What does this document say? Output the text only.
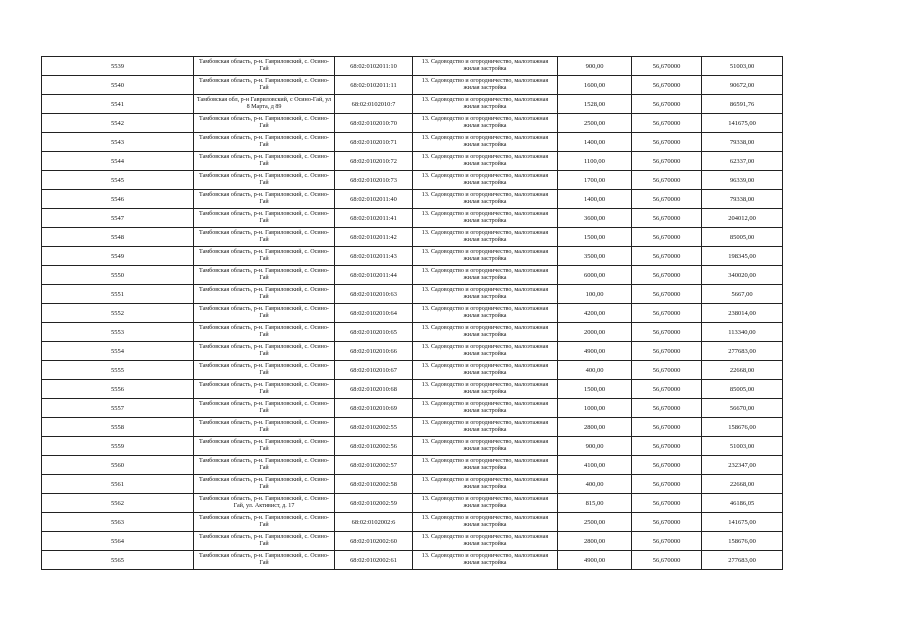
5539	Тамбовская область, р-н. Гавриловский, с. Осино-Гай	68:02:0102011:10	13. Садоводство и огородничество, малоэтажная жилая застройка	900,00	56,670000	51003,00
5540	Тамбовская область, р-н. Гавриловский, с. Осино-Гай	68:02:0102011:11	13. Садоводство и огородничество, малоэтажная жилая застройка	1600,00	56,670000	90672,00
5541	Тамбовская обл, р-н Гавриловский, с Осино-Гай, ул 8 Марта, д 89	68:02:0102010:7	13. Садоводство и огородничество, малоэтажная жилая застройка	1528,00	56,670000	86591,76
5542	Тамбовская область, р-н. Гавриловский, с. Осино-Гай	68:02:0102010:70	13. Садоводство и огородничество, малоэтажная жилая застройка	2500,00	56,670000	141675,00
5543	Тамбовская область, р-н. Гавриловский, с. Осино-Гай	68:02:0102010:71	13. Садоводство и огородничество, малоэтажная жилая застройка	1400,00	56,670000	79338,00
5544	Тамбовская область, р-н. Гавриловский, с. Осино-Гай	68:02:0102010:72	13. Садоводство и огородничество, малоэтажная жилая застройка	1100,00	56,670000	62337,00
5545	Тамбовская область, р-н. Гавриловский, с. Осино-Гай	68:02:0102010:73	13. Садоводство и огородничество, малоэтажная жилая застройка	1700,00	56,670000	96339,00
5546	Тамбовская область, р-н. Гавриловский, с. Осино-Гай	68:02:0102011:40	13. Садоводство и огородничество, малоэтажная жилая застройка	1400,00	56,670000	79338,00
5547	Тамбовская область, р-н. Гавриловский, с. Осино-Гай	68:02:0102011:41	13. Садоводство и огородничество, малоэтажная жилая застройка	3600,00	56,670000	204012,00
5548	Тамбовская область, р-н. Гавриловский, с. Осино-Гай	68:02:0102011:42	13. Садоводство и огородничество, малоэтажная жилая застройка	1500,00	56,670000	85005,00
5549	Тамбовская область, р-н. Гавриловский, с. Осино-Гай	68:02:0102011:43	13. Садоводство и огородничество, малоэтажная жилая застройка	3500,00	56,670000	198345,00
5550	Тамбовская область, р-н. Гавриловский, с. Осино-Гай	68:02:0102011:44	13. Садоводство и огородничество, малоэтажная жилая застройка	6000,00	56,670000	340020,00
5551	Тамбовская область, р-н. Гавриловский, с. Осино-Гай	68:02:0102010:63	13. Садоводство и огородничество, малоэтажная жилая застройка	100,00	56,670000	5667,00
5552	Тамбовская область, р-н. Гавриловский, с. Осино-Гай	68:02:0102010:64	13. Садоводство и огородничество, малоэтажная жилая застройка	4200,00	56,670000	238014,00
5553	Тамбовская область, р-н. Гавриловский, с. Осино-Гай	68:02:0102010:65	13. Садоводство и огородничество, малоэтажная жилая застройка	2000,00	56,670000	113340,00
5554	Тамбовская область, р-н. Гавриловский, с. Осино-Гай	68:02:0102010:66	13. Садоводство и огородничество, малоэтажная жилая застройка	4900,00	56,670000	277683,00
5555	Тамбовская область, р-н. Гавриловский, с. Осино-Гай	68:02:0102010:67	13. Садоводство и огородничество, малоэтажная жилая застройка	400,00	56,670000	22668,00
5556	Тамбовская область, р-н. Гавриловский, с. Осино-Гай	68:02:0102010:68	13. Садоводство и огородничество, малоэтажная жилая застройка	1500,00	56,670000	85005,00
5557	Тамбовская область, р-н. Гавриловский, с. Осино-Гай	68:02:0102010:69	13. Садоводство и огородничество, малоэтажная жилая застройка	1000,00	56,670000	56670,00
5558	Тамбовская область, р-н. Гавриловский, с. Осино-Гай	68:02:0102002:55	13. Садоводство и огородничество, малоэтажная жилая застройка	2800,00	56,670000	158676,00
5559	Тамбовская область, р-н. Гавриловский, с. Осино-Гай	68:02:0102002:56	13. Садоводство и огородничество, малоэтажная жилая застройка	900,00	56,670000	51003,00
5560	Тамбовская область, р-н. Гавриловский, с. Осино-Гай	68:02:0102002:57	13. Садоводство и огородничество, малоэтажная жилая застройка	4100,00	56,670000	232347,00
5561	Тамбовская область, р-н. Гавриловский, с. Осино-Гай	68:02:0102002:58	13. Садоводство и огородничество, малоэтажная жилая застройка	400,00	56,670000	22668,00
5562	Тамбовская область, р-н. Гавриловский, с. Осино-Гай, ул. Активист, д. 17	68:02:0102002:59	13. Садоводство и огородничество, малоэтажная жилая застройка	815,00	56,670000	46186,05
5563	Тамбовская область, р-н. Гавриловский, с. Осино-Гай	68:02:0102002:6	13. Садоводство и огородничество, малоэтажная жилая застройка	2500,00	56,670000	141675,00
5564	Тамбовская область, р-н. Гавриловский, с. Осино-Гай	68:02:0102002:60	13. Садоводство и огородничество, малоэтажная жилая застройка	2800,00	56,670000	158676,00
5565	Тамбовская область, р-н. Гавриловский, с. Осино-Гай	68:02:0102002:61	13. Садоводство и огородничество, малоэтажная жилая застройка	4900,00	56,670000	277683,00
